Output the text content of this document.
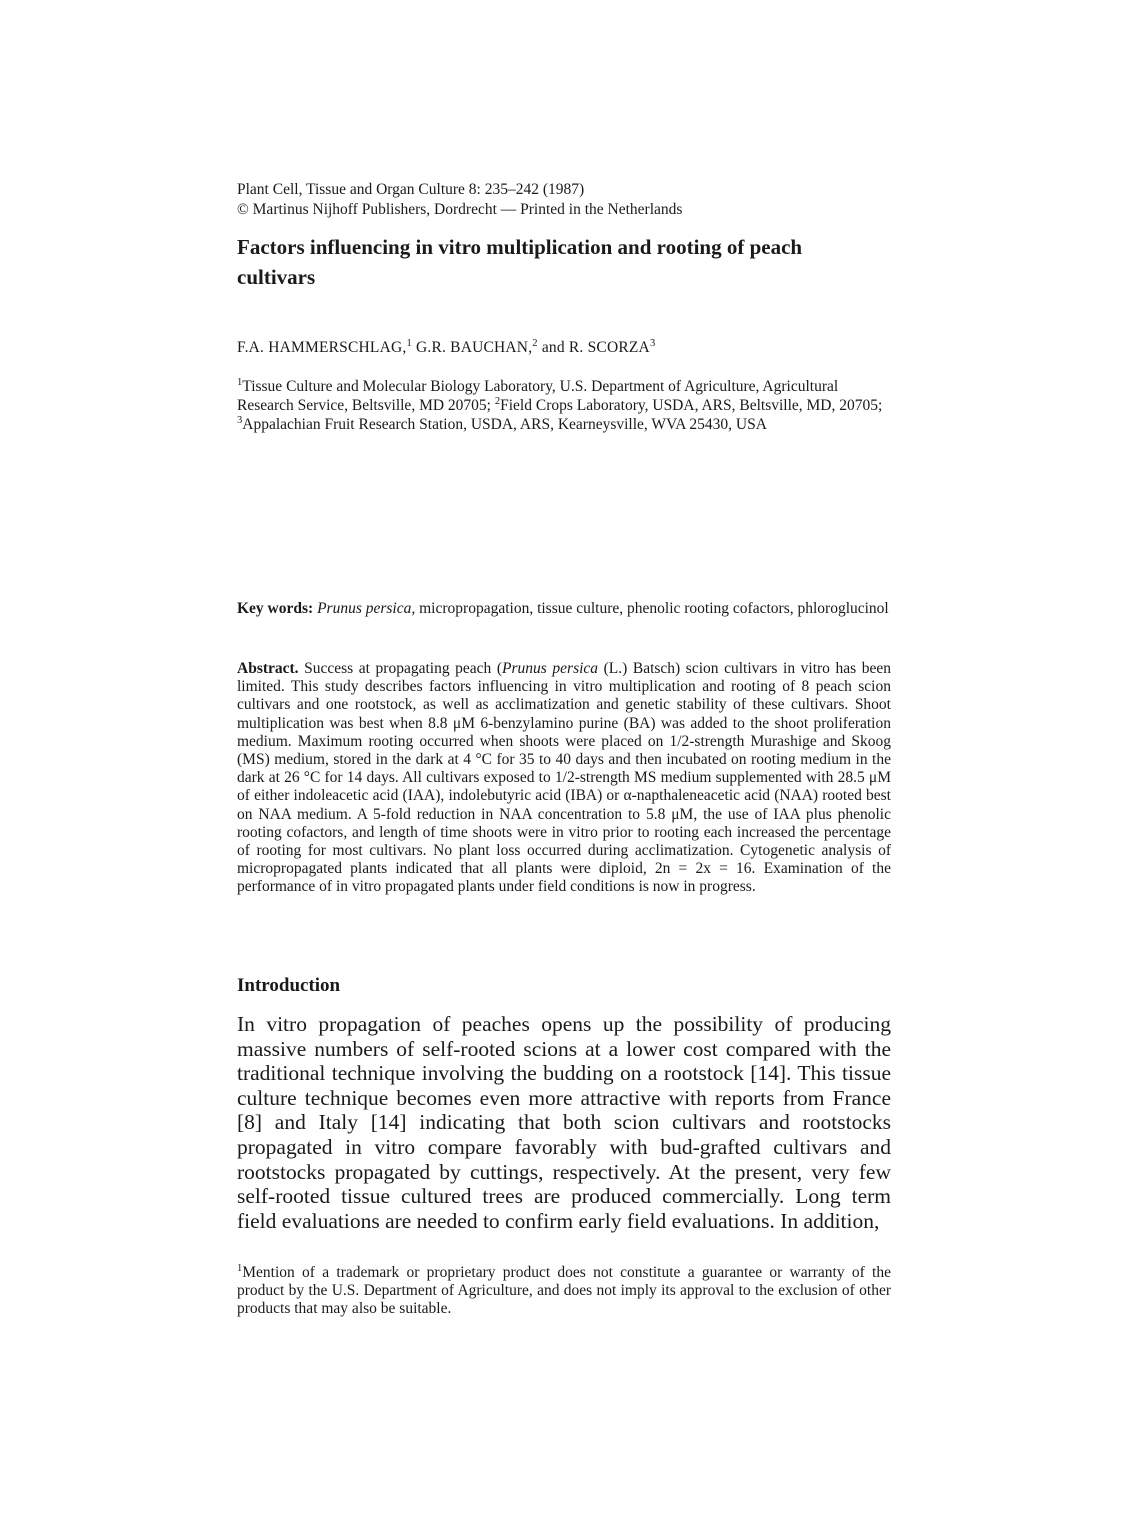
Plant Cell, Tissue and Organ Culture 8: 235–242 (1987)
© Martinus Nijhoff Publishers, Dordrecht — Printed in the Netherlands
Factors influencing in vitro multiplication and rooting of peach cultivars
F.A. HAMMERSCHLAG,$^1$ G.R. BAUCHAN,$^2$ and R. SCORZA$^3$
$^1$Tissue Culture and Molecular Biology Laboratory, U.S. Department of Agriculture, Agricultural Research Service, Beltsville, MD 20705; $^2$Field Crops Laboratory, USDA, ARS, Beltsville, MD, 20705; $^3$Appalachian Fruit Research Station, USDA, ARS, Kearneysville, WVA 25430, USA
Key words: Prunus persica, micropropagation, tissue culture, phenolic rooting cofactors, phloroglucinol
Abstract. Success at propagating peach (Prunus persica (L.) Batsch) scion cultivars in vitro has been limited. This study describes factors influencing in vitro multiplication and rooting of 8 peach scion cultivars and one rootstock, as well as acclimatization and genetic stability of these cultivars. Shoot multiplication was best when 8.8 μM 6-benzylamino purine (BA) was added to the shoot proliferation medium. Maximum rooting occurred when shoots were placed on 1/2-strength Murashige and Skoog (MS) medium, stored in the dark at 4 °C for 35 to 40 days and then incubated on rooting medium in the dark at 26 °C for 14 days. All cultivars exposed to 1/2-strength MS medium supplemented with 28.5 μM of either indoleacetic acid (IAA), indolebutyric acid (IBA) or α-napthaleneacetic acid (NAA) rooted best on NAA medium. A 5-fold reduction in NAA concentration to 5.8 μM, the use of IAA plus phenolic rooting cofactors, and length of time shoots were in vitro prior to rooting each increased the percentage of rooting for most cultivars. No plant loss occurred during acclimatization. Cytogenetic analysis of micropropagated plants indicated that all plants were diploid, 2n = 2x = 16. Examination of the performance of in vitro propagated plants under field conditions is now in progress.
Introduction
In vitro propagation of peaches opens up the possibility of producing massive numbers of self-rooted scions at a lower cost compared with the traditional technique involving the budding on a rootstock [14]. This tissue culture technique becomes even more attractive with reports from France [8] and Italy [14] indicating that both scion cultivars and rootstocks propagated in vitro compare favorably with bud-grafted cultivars and rootstocks propagated by cuttings, respectively. At the present, very few self-rooted tissue cultured trees are produced commercially. Long term field evaluations are needed to confirm early field evaluations. In addition,
$^1$Mention of a trademark or proprietary product does not constitute a guarantee or warranty of the product by the U.S. Department of Agriculture, and does not imply its approval to the exclusion of other products that may also be suitable.
